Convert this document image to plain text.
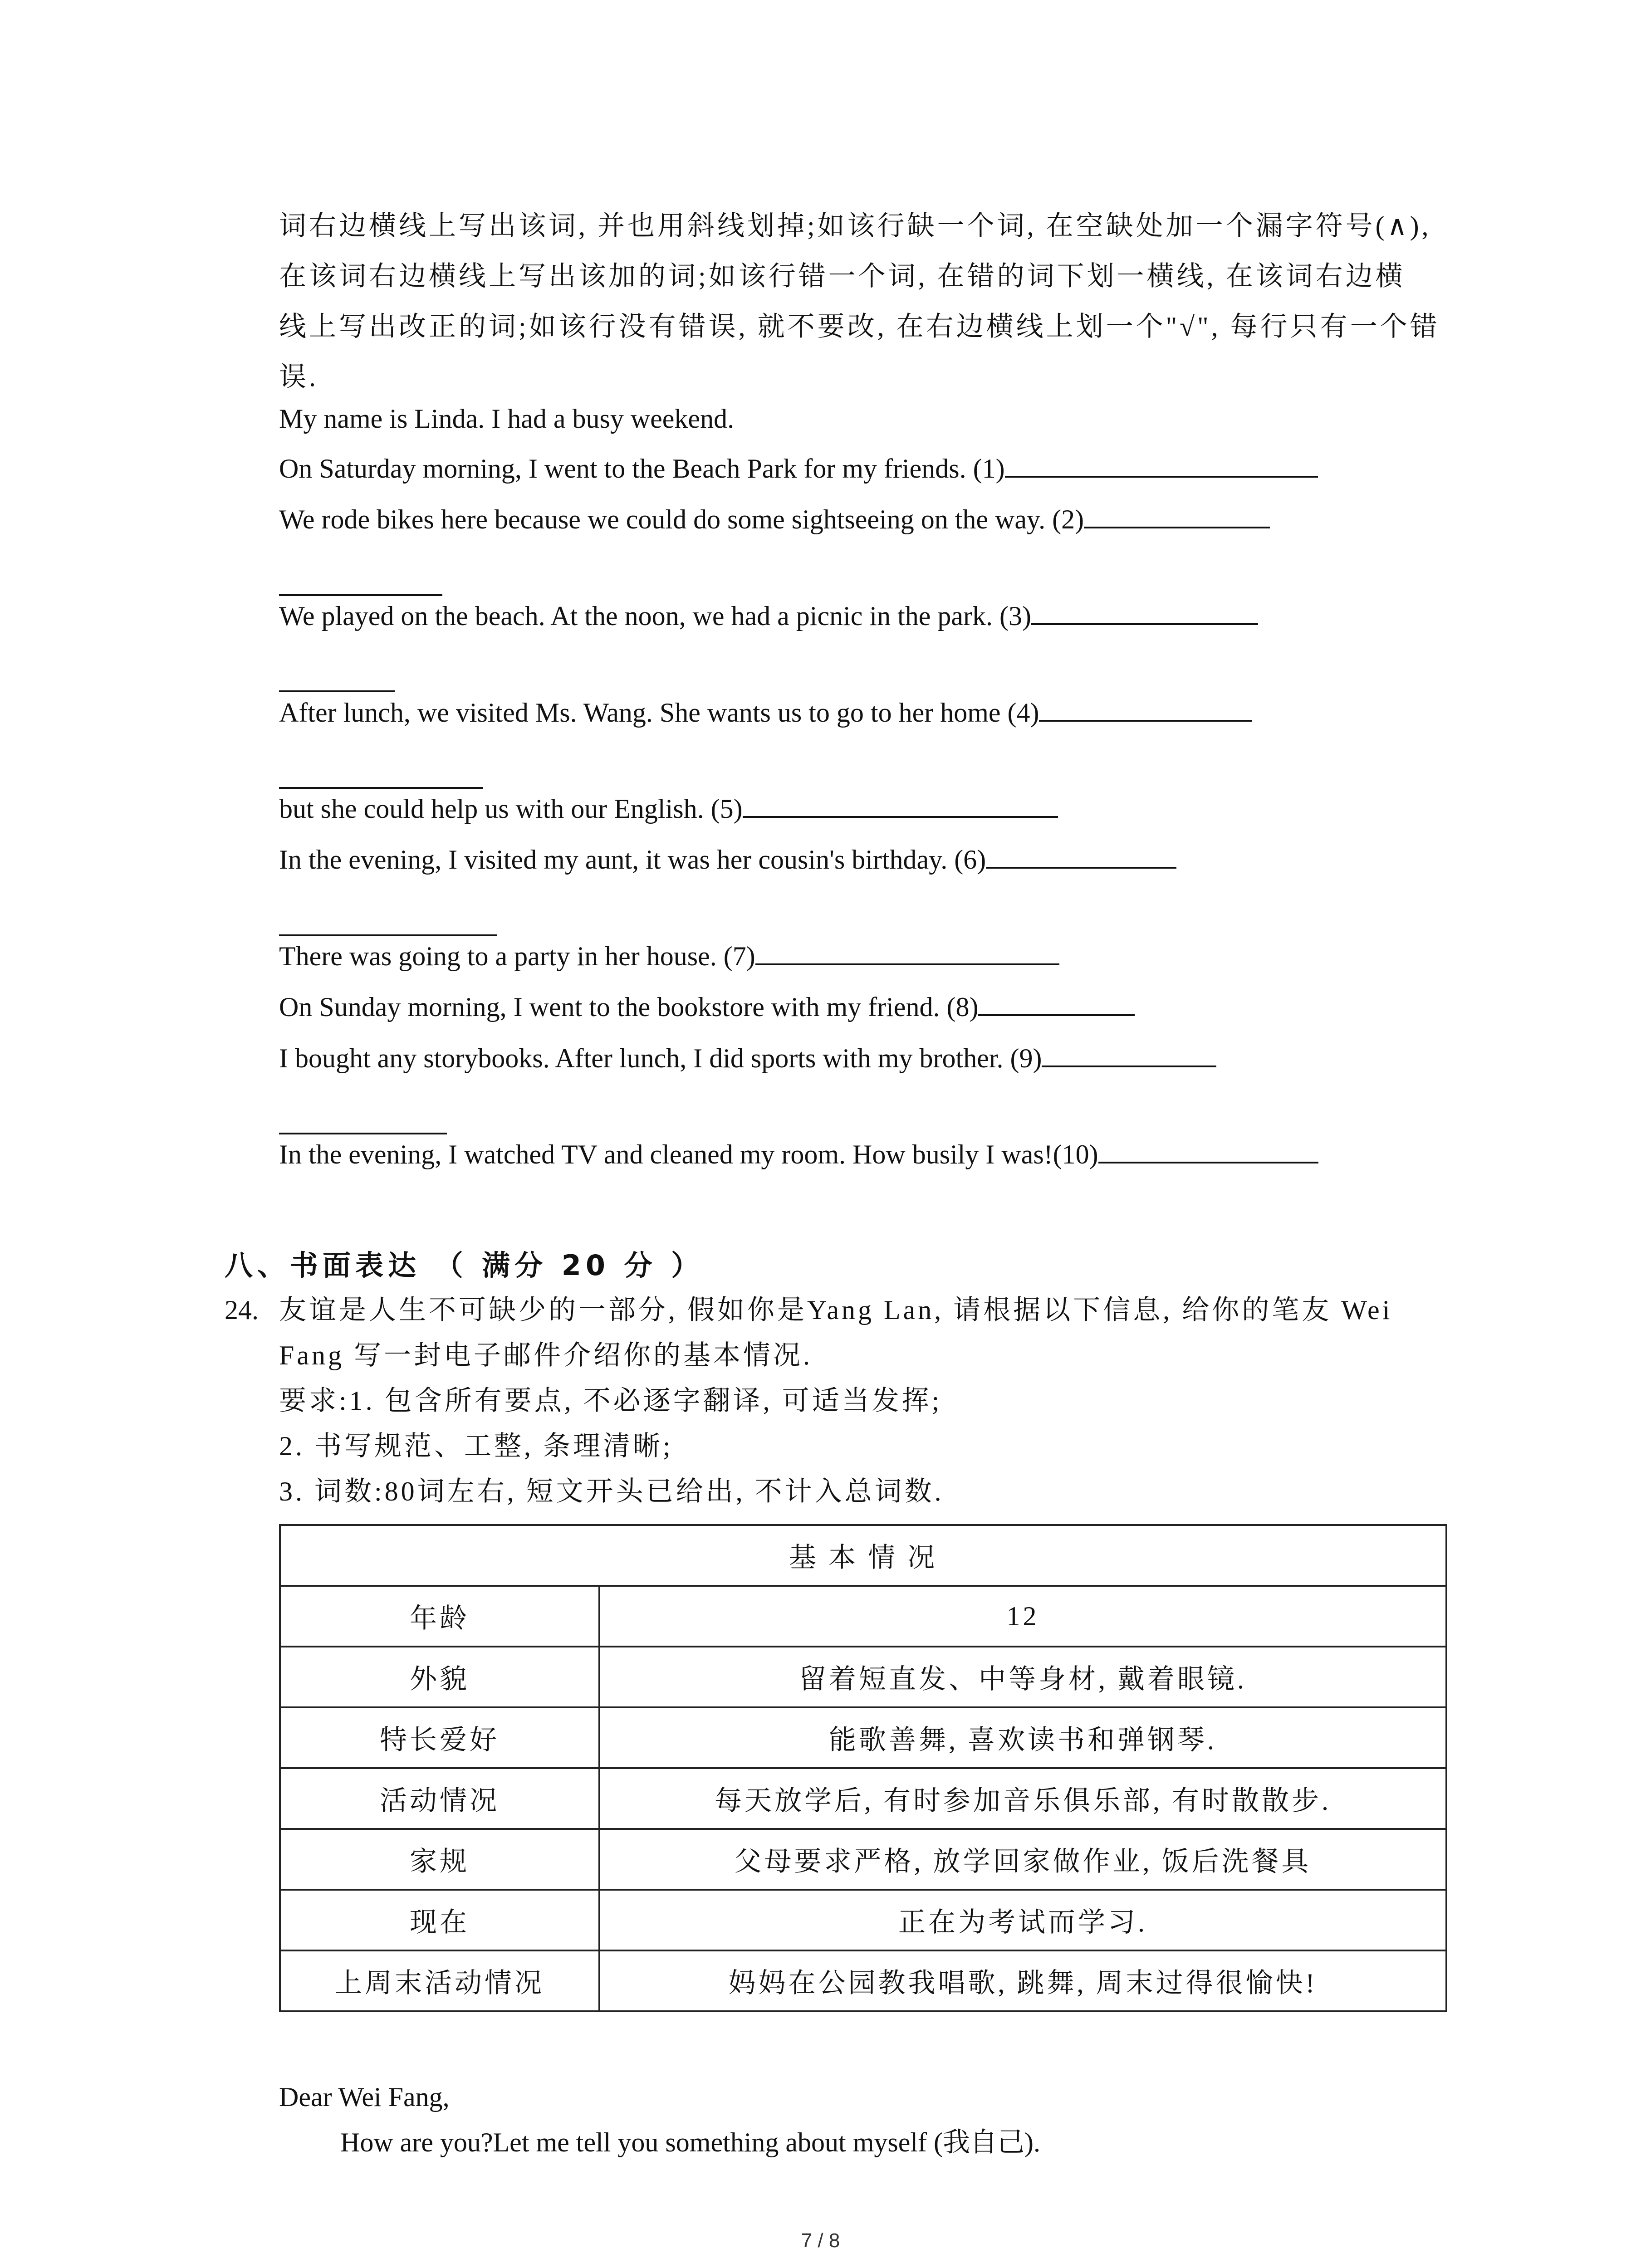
词右边横线上写出该词, 并也用斜线划掉;如该行缺一个词, 在空缺处加一个漏字符号(∧),
在该词右边横线上写出该加的词;如该行错一个词, 在错的词下划一横线, 在该词右边横
线上写出改正的词;如该行没有错误, 就不要改, 在右边横线上划一个"√", 每行只有一个错
误.
My name is Linda. I had a busy weekend.
On Saturday morning, I went to the Beach Park for my friends. (1)
We rode bikes here because we could do some sightseeing on the way. (2)
We played on the beach. At the noon, we had a picnic in the park. (3)
After lunch, we visited Ms. Wang. She wants us to go to her home (4)
but she could help us with our English. (5)
In the evening, I visited my aunt, it was her cousin's birthday. (6)
There was going to a party in her house. (7)
On Sunday morning, I went to the bookstore with my friend. (8)
I bought any storybooks. After lunch, I did sports with my brother. (9)
In the evening, I watched TV and cleaned my room. How busily I was!(10)
八、书面表达 （ 满分 20 分 ）
24. 友谊是人生不可缺少的一部分, 假如你是Yang Lan, 请根据以下信息, 给你的笔友 Wei
Fang 写一封电子邮件介绍你的基本情况.
要求:1. 包含所有要点, 不必逐字翻译, 可适当发挥;
2. 书写规范、工整, 条理清晰;
3. 词数:80词左右, 短文开头已给出, 不计入总词数.
基 本 情 况	
年龄	12
外貌	留着短直发、中等身材, 戴着眼镜.
特长爱好	能歌善舞, 喜欢读书和弹钢琴.
活动情况	每天放学后, 有时参加音乐俱乐部, 有时散散步.
家规	父母要求严格, 放学回家做作业, 饭后洗餐具
现在	正在为考试而学习.
上周末活动情况	妈妈在公园教我唱歌, 跳舞, 周末过得很愉快!
Dear Wei Fang,
How are you?Let me tell you something about myself (我自己).
7 / 8
